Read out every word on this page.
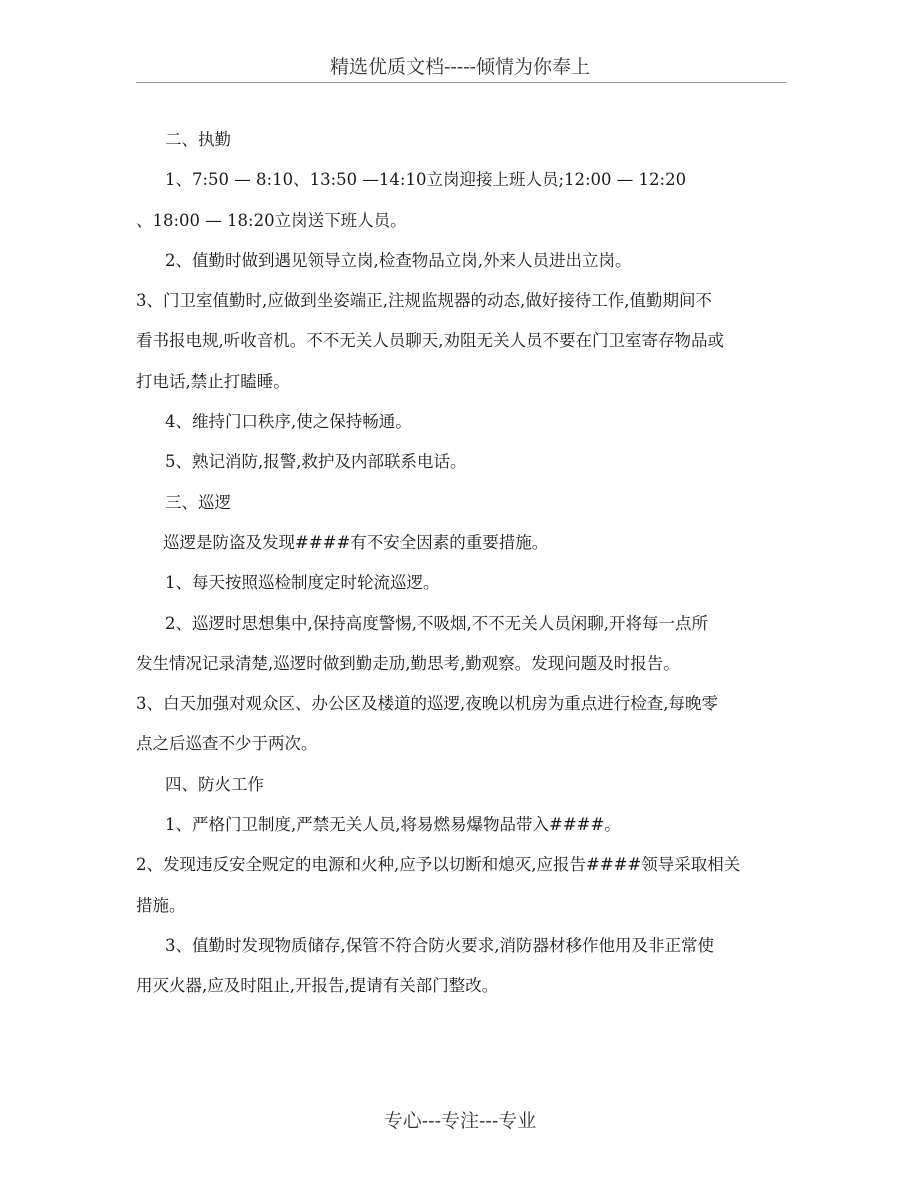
精选优质文档-----倾情为你奉上
二、执勤
1、7:50 — 8:10、13:50 —14:10立岗迎接上班人员;12:00 — 12:20
、18:00 — 18:20立岗送下班人员。
2、值勤时做到遇见领导立岗,检查物品立岗,外来人员进出立岗。
3、门卫室值勤时,应做到坐姿端正,注规监规器的动态,做好接待工作,值勤期间不
看书报电规,听收音机。不不无关人员聊天,劝阻无关人员不要在门卫室寄存物品或
打电话,禁止打瞌睡。
4、维持门口秩序,使之保持畅通。
5、熟记消防,报警,救护及内部联系电话。
三、巡逻
巡逻是防盗及发现####有不安全因素的重要措施。
1、每天按照巡检制度定时轮流巡逻。
2、巡逻时思想集中,保持高度警惕,不吸烟,不不无关人员闲聊,开将每一点所
发生情况记录清楚,巡逻时做到勤走劢,勤思考,勤观察。发现问题及时报告。
3、白天加强对观众区、办公区及楼道的巡逻,夜晚以机房为重点进行检查,每晚零
点之后巡查不少于两次。
四、防火工作
1、严格门卫制度,严禁无关人员,将易燃易爆物品带入####。
2、发现违反安全贶定的电源和火种,应予以切断和熄灭,应报告####领导采取相关
措施。
3、值勤时发现物质储存,保管不符合防火要求,消防器材移作他用及非正常使
用灭火器,应及时阻止,开报告,提请有关部门整改。
专心---专注---专业
